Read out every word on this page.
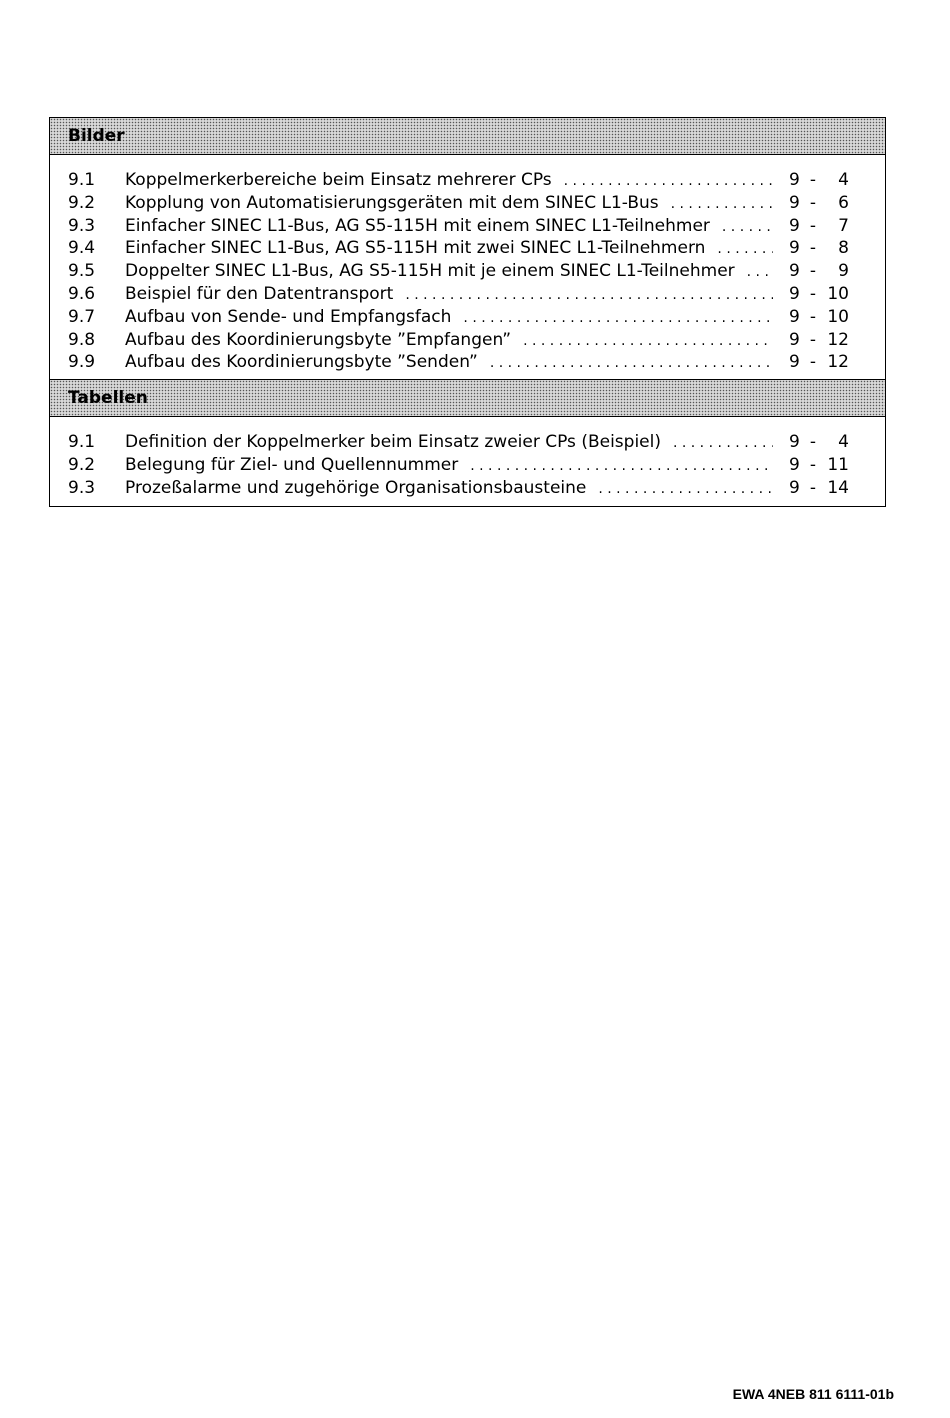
Bilder
9.1	Koppelmerkerbereiche beim Einsatz mehrerer CPs . . .	9 -	4
9.2	Kopplung von Automatisierungsgeräten mit dem SINEC L1-Bus . . .	9 -	6
9.3	Einfacher SINEC L1-Bus, AG S5-115H mit einem SINEC L1-Teilnehmer . . .	9 -	7
9.4	Einfacher SINEC L1-Bus, AG S5-115H mit zwei SINEC L1-Teilnehmern . . .	9 -	8
9.5	Doppelter SINEC L1-Bus, AG S5-115H mit je einem SINEC L1-Teilnehmer . . .	9 -	9
9.6	Beispiel für den Datentransport . . .	9 - 10
9.7	Aufbau von Sende- und Empfangsfach . . .	9 - 10
9.8	Aufbau des Koordinierungsbyte ”Empfangen” . . .	9 - 12
9.9	Aufbau des Koordinierungsbyte ”Senden” . . .	9 - 12
Tabellen
9.1	Definition der Koppelmerker beim Einsatz zweier CPs (Beispiel) . . .	9 -	4
9.2	Belegung für Ziel- und Quellennummer . . .	9 - 11
9.3	Prozeßalarme und zugehörige Organisationsbausteine . . .	9 - 14
EWA 4NEB 811 6111-01b
